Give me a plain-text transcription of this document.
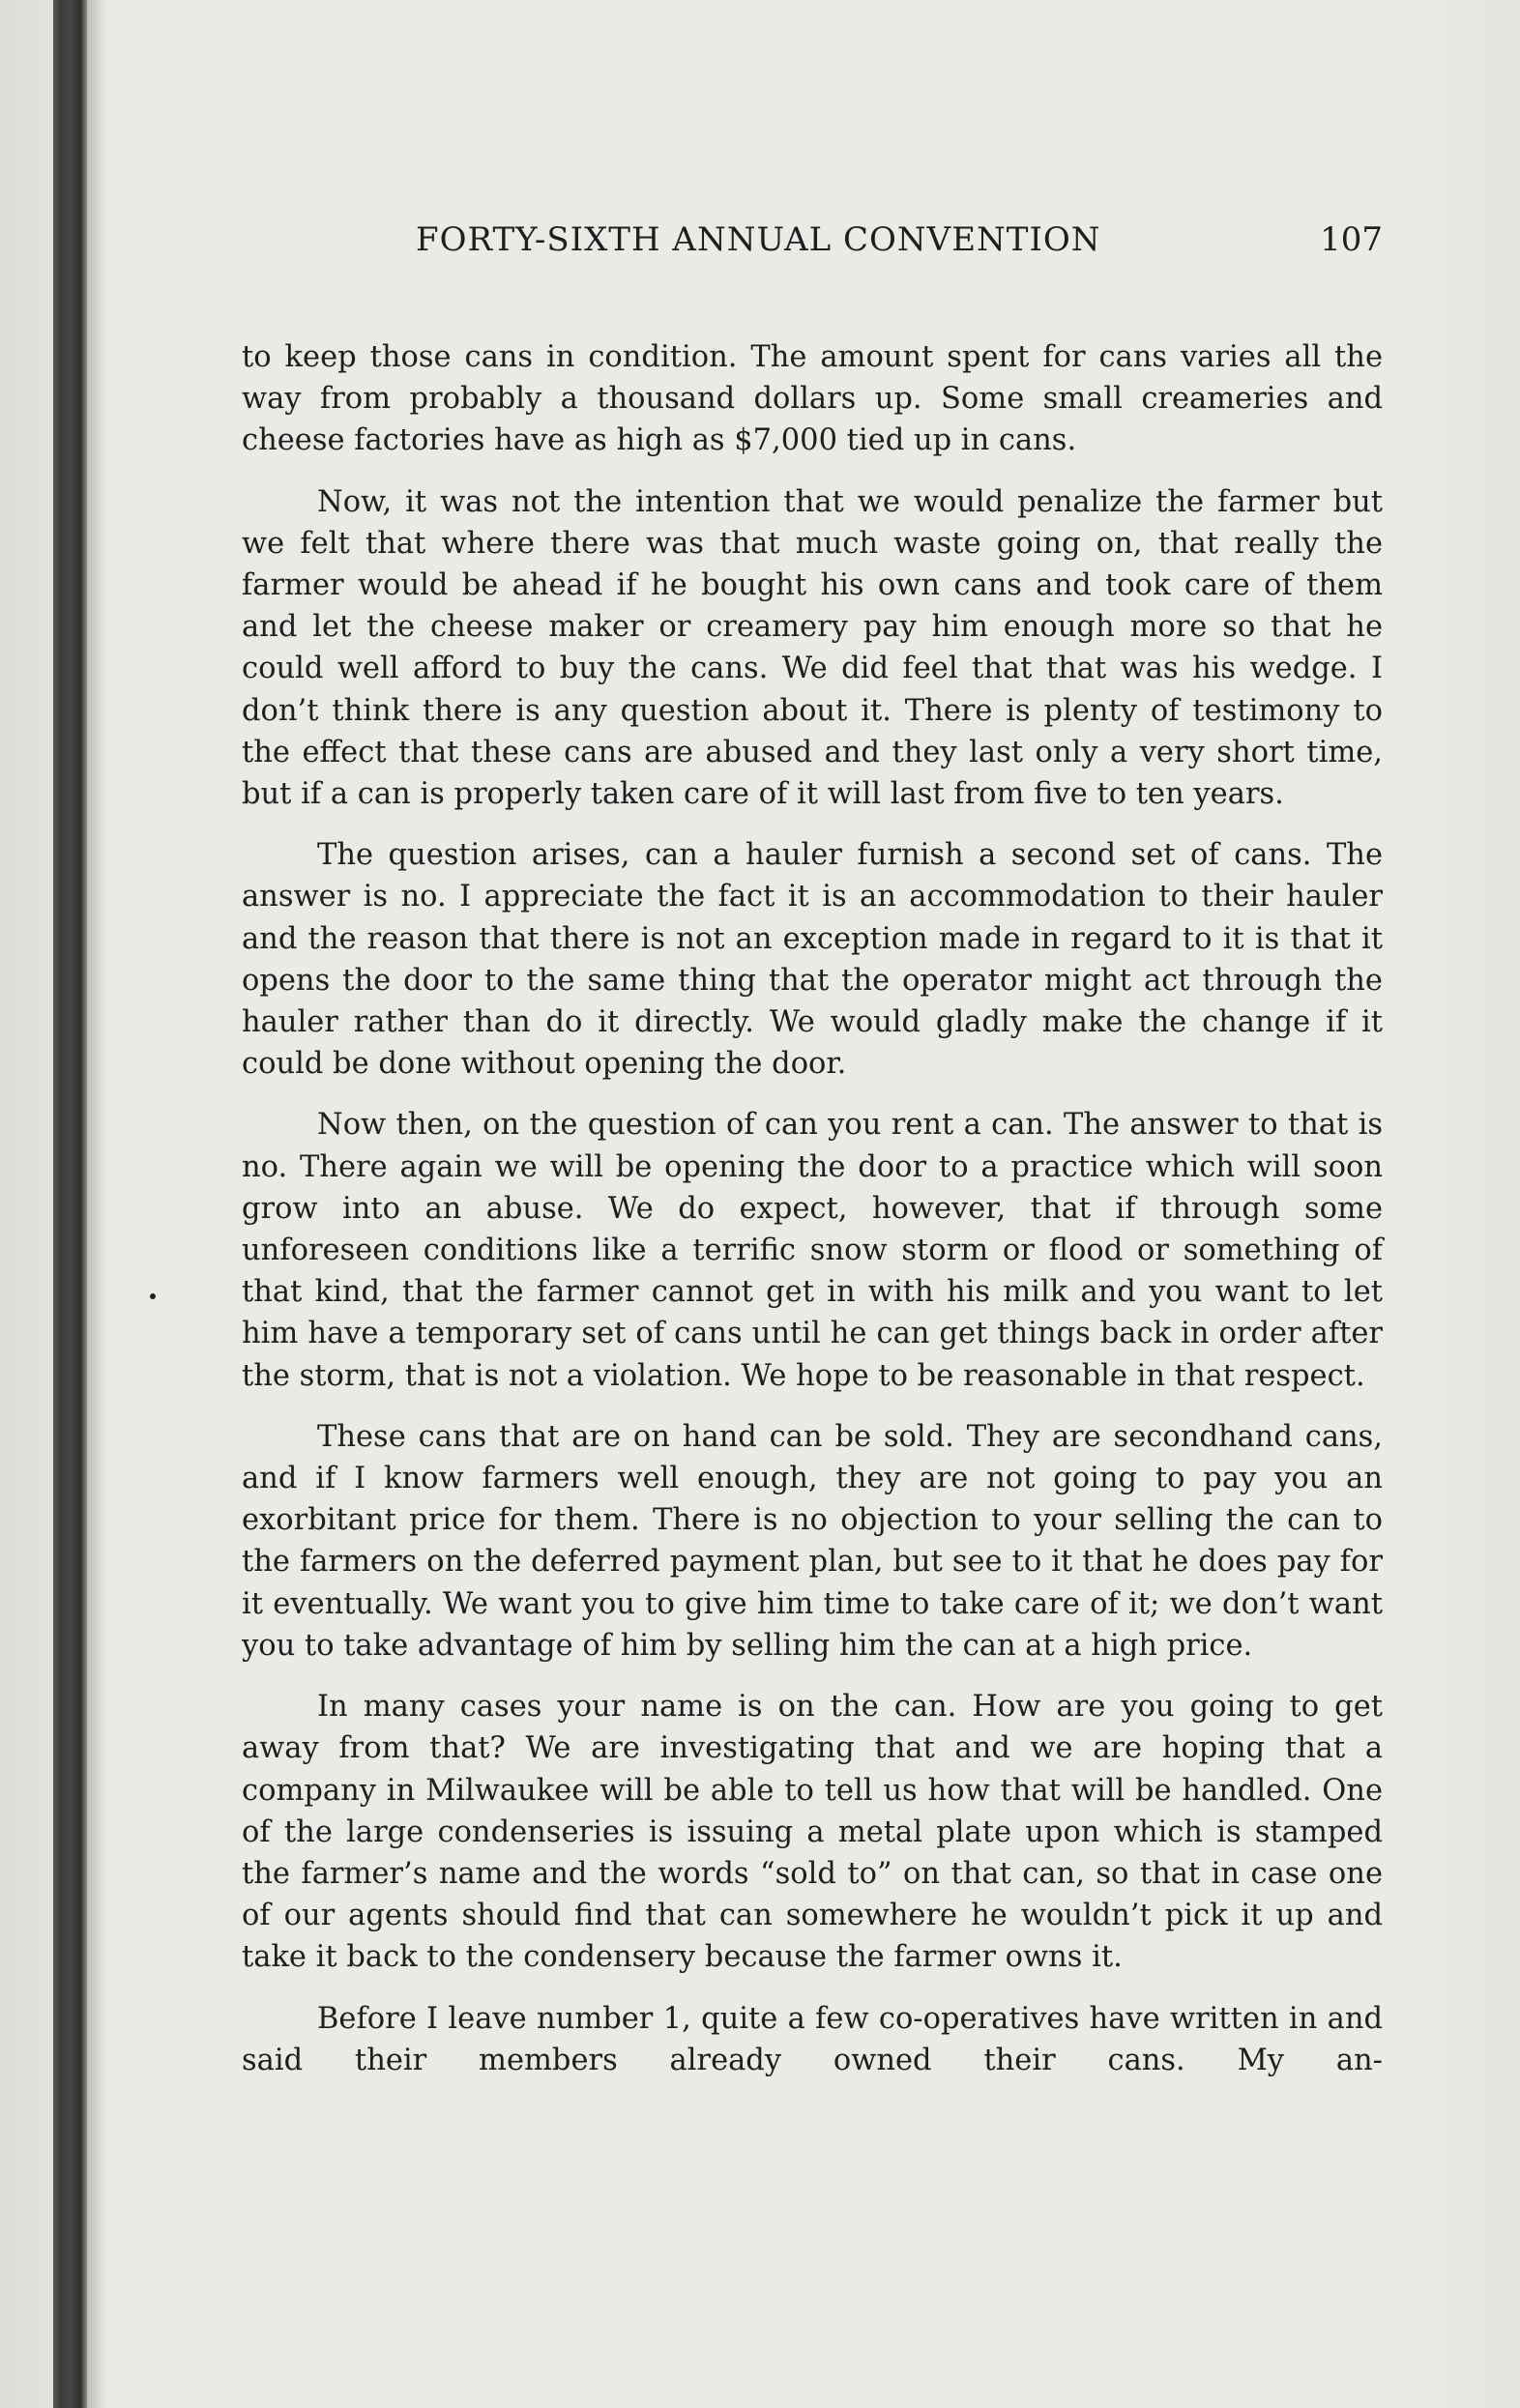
FORTY-SIXTH ANNUAL CONVENTION	107

to keep those cans in condition. The amount spent for cans varies all the way from probably a thousand dollars up. Some small creameries and cheese factories have as high as $7,000 tied up in cans.

Now, it was not the intention that we would penalize the farmer but we felt that where there was that much waste going on, that really the farmer would be ahead if he bought his own cans and took care of them and let the cheese maker or creamery pay him enough more so that he could well afford to buy the cans. We did feel that that was his wedge. I don’t think there is any question about it. There is plenty of testimony to the effect that these cans are abused and they last only a very short time, but if a can is properly taken care of it will last from five to ten years.

The question arises, can a hauler furnish a second set of cans. The answer is no. I appreciate the fact it is an accommodation to their hauler and the reason that there is not an exception made in regard to it is that it opens the door to the same thing that the operator might act through the hauler rather than do it directly. We would gladly make the change if it could be done without opening the door.

Now then, on the question of can you rent a can. The answer to that is no. There again we will be opening the door to a practice which will soon grow into an abuse. We do expect, however, that if through some unforeseen conditions like a terrific snow storm or flood or something of that kind, that the farmer cannot get in with his milk and you want to let him have a temporary set of cans until he can get things back in order after the storm, that is not a violation. We hope to be reasonable in that respect.

These cans that are on hand can be sold. They are secondhand cans, and if I know farmers well enough, they are not going to pay you an exorbitant price for them. There is no objection to your selling the can to the farmers on the deferred payment plan, but see to it that he does pay for it eventually. We want you to give him time to take care of it; we don’t want you to take advantage of him by selling him the can at a high price.

In many cases your name is on the can. How are you going to get away from that? We are investigating that and we are hoping that a company in Milwaukee will be able to tell us how that will be handled. One of the large condenseries is issuing a metal plate upon which is stamped the farmer’s name and the words “sold to” on that can, so that in case one of our agents should find that can somewhere he wouldn’t pick it up and take it back to the condensery because the farmer owns it.

Before I leave number 1, quite a few co-operatives have written in and said their members already owned their cans. My an-
